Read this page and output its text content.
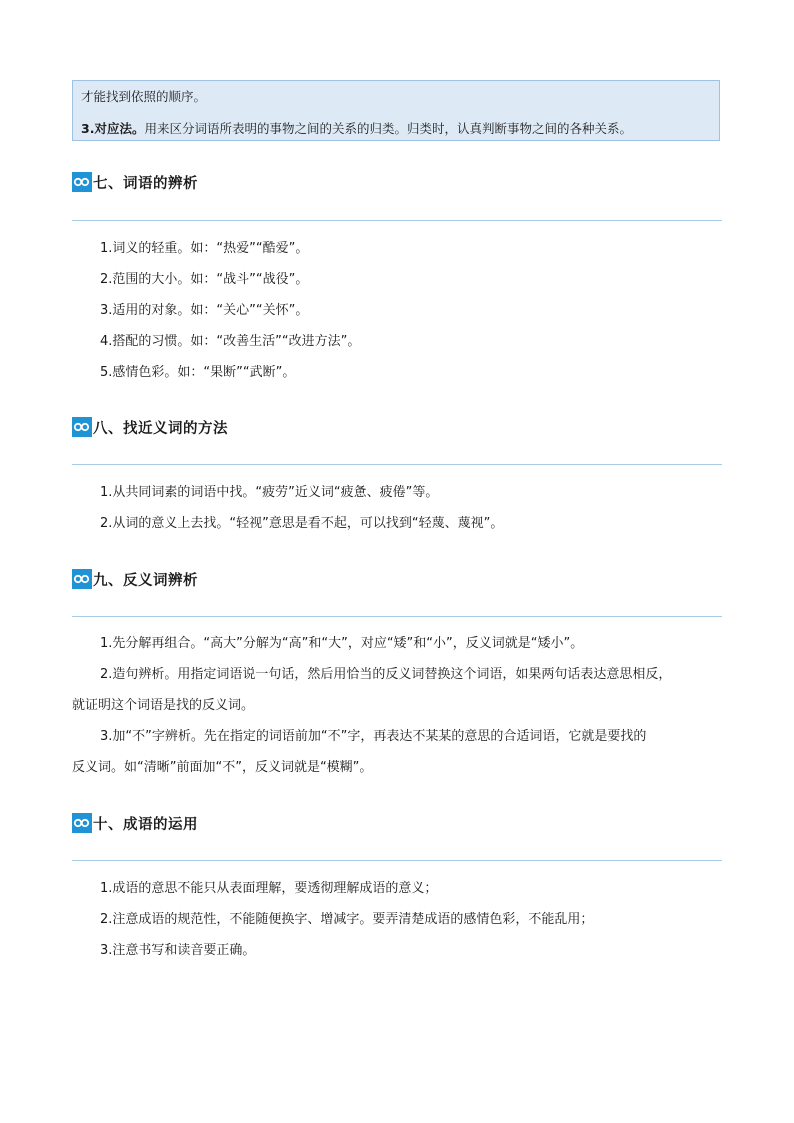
才能找到依照的顺序。
3.对应法。用来区分词语所表明的事物之间的关系的归类。归类时，认真判断事物之间的各种关系。
七、词语的辨析
1.词义的轻重。如：“热爱”“酷爱”。
2.范围的大小。如：“战斗”“战役”。
3.适用的对象。如：“关心”“关怀”。
4.搭配的习惯。如：“改善生活”“改进方法”。
5.感情色彩。如：“果断”“武断”。
八、找近义词的方法
1.从共同词素的词语中找。“疲劳”近义词“疲惫、疲倦”等。
2.从词的意义上去找。“轻视”意思是看不起，可以找到“轻蔑、蔑视”。
九、反义词辨析
1.先分解再组合。“高大”分解为“高”和“大”，对应“矮”和“小”，反义词就是“矮小”。
2.造句辨析。用指定词语说一句话，然后用恰当的反义词替换这个词语，如果两句话表达意思相反，
就证明这个词语是找的反义词。
3.加“不”字辨析。先在指定的词语前加“不”字，再表达不某某的意思的合适词语，它就是要找的
反义词。如“清晰”前面加“不”，反义词就是“模糊”。
十、成语的运用
1.成语的意思不能只从表面理解，要透彻理解成语的意义；
2.注意成语的规范性，不能随便换字、增减字。要弄清楚成语的感情色彩，不能乱用；
3.注意书写和读音要正确。
